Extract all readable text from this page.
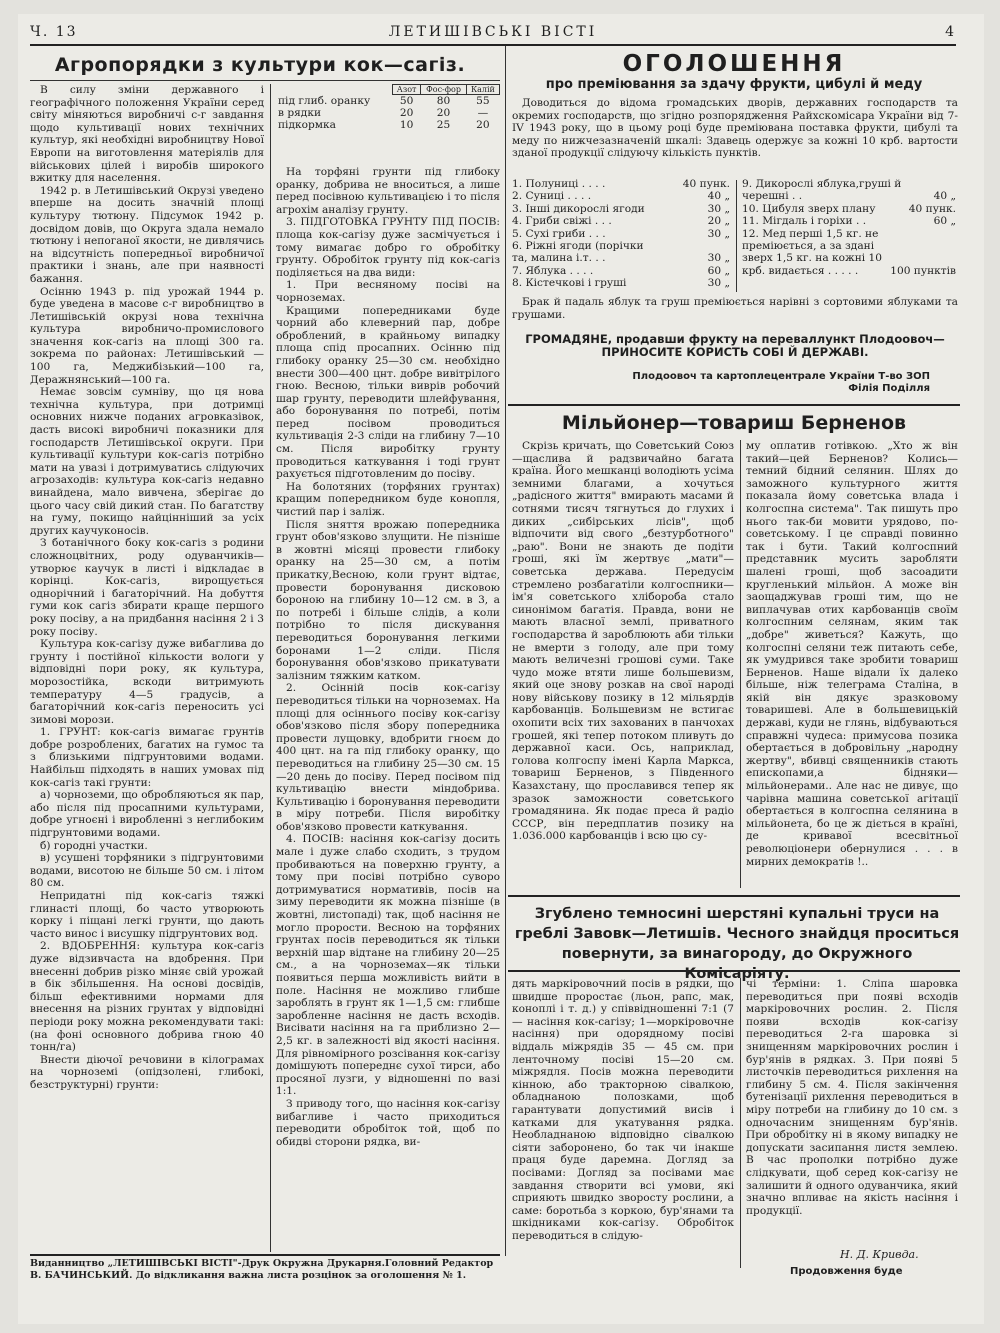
Ч. 13	ЛЕТИШІВСЬКІ ВІСТІ	4
Агропорядки з культури кок—сагіз.

В силу зміни державного і географічного положення України серед світу міняються виробничі с-г завдання щодо культивації нових технічних культур, які необхідні виробництву Нової Европи на виготовлення матеріялів для військових цілей і виробів широкого вжитку для населення.

1942 р. в Летишівський Окрузі уведено вперше на досить значній площі культуру тютюну. Підсумок 1942 р. досвідом довів, що Округа здала немало тютюну і непоганої якости, не дивлячись на відсутність попередньої виробничої практики і знань, але при наявності бажання.

Осінню 1943 р. під урожай 1944 р. буде уведена в масове с-г виробництво в Летишівській окрузі нова технічна культура виробничо-промислового значення кок-сагіз на площі 300 га. зокрема по районах: Летишівський — 100 га, Меджибізький—100 га, Деражнянський—100 га.

Немає зовсім сумніву, що ця нова технічна культура, при дотримці основних нижче поданих агровказівок, дасть високі виробничі показники для господарств Летишівської округи. При культивації культури кок-сагіз потрібно мати на увазі і дотримуватись слідуючих агрозаходів: культура кок-сагіз недавно винайдена, мало вивчена, зберігає до цього часу свій дикий стан. По багатству на гуму, покищо найцінніший за усіх других каучуконосів.

З ботанічного боку кок-сагіз з родини сложноцвітних, роду одуванчиків—утворює каучук в листі і відкладає в корінці. Кок-сагіз, вирощується однорічний і багаторічний. На добуття гуми кок сагіз збирати краще першого року посіву, а на придбання насіння 2 і 3 року посіву.

Культура кок-сагізу дуже вибаглива до грунту і постійної кількости вологи у відповідні пори року, як культура, морозостійка, вскоди витримують температуру 4—5 градусів, а багаторічний кок-сагіз переносить усі зимові морози.

1. ГРУНТ: кок-сагіз вимагає грунтів добре розроблених, багатих на гумос та з близькими підгрунтовими водами. Найбільш підходять в наших умовах під кок-сагіз такі грунти:

а) чорноземи, що обробляються як пар, або після під просапними культурами, добре угноєні і виробленні з неглибоким підгрунтовими водами.

б) городні участки.

в) усушені торфяники з підгрунтовими водами, висотою не більше 50 см. і літом 80 см.

Непридатні під кок-сагіз тяжкі глинасті площі, бо часто утворюють корку і піщані легкі грунти, що дають часто винос і висушку підгрунтових вод.

2. ВДОБРЕННЯ: культура кок-сагіз дуже відзивчаста на вдобрення. При внесенні добрив різко міняє свій урожай в бік збільшення. На основі досвідів, більш ефективними нормами для внесення на різних грунтах у відповідні періоди року можна рекомендувати такі: (на фоні основного добрива гною 40 тонн/га)

Внести діючої речовини в кілограмах на чорноземі (опідзолені, глибокі, безструктурні) грунти:

	Азот	Фос-фор	Калій
під глиб. оранку	50	80	55
в рядки	20	20	—
підкормка	10	25	20

На торфяні грунти під глибоку оранку, добрива не вноситься, а лише перед посівною культивацією і то після агрохім аналізу грунту.

3. ПІДГОТОВКА ГРУНТУ ПІД ПОСІВ: площа кок-сагізу дуже засмічується і тому вимагає добро го обробітку грунту. Обробіток грунту під кок-сагіз поділяється на два види:

1. При весняному посіві на чорноземах.

Кращими попередниками буде чорний або клеверний пар, добре оброблений, в крайньому випадку площа спід просапних. Осінню під глибоку оранку 25—30 см. необхідно внести 300—400 цнт. добре вивітрілого гною. Весною, тільки виврів робочий шар грунту, переводити шлейфування, або боронування по потребі, потім перед посівом проводиться культивація 2-3 сліди на глибину 7—10 см. Після виробітку грунту проводиться каткування і тоді грунт рахується підготовленим до посіву.

На болотяних (торфяних грунтах) кращим попередником буде конопля, чистий пар і заліж.

Після зняття врожаю попередника грунт обов'язково злущити. Не пізніше в жовтні місяці провести глибоку оранку на 25—30 см, а потім прикатку,Весною, коли грунт відтає, провести боронування дисковою бороною на глибину 10—12 см. в 3, а по потребі і більше слідів, а коли потрібно то після дискування переводиться боронування легкими боронами 1—2 сліди. Після боронування обов'язково прикатувати залізним тяжким катком.

2. Осінній посів кок-сагізу переводиться тільки на чорноземах. На площі для осіннього посіву кок-сагізу обов'язково після збору попередника провести лущовку, вдобрити гноєм до 400 цнт. на га під глибоку оранку, що переводиться на глибину 25—30 см. 15—20 день до посіву. Перед посівом під культивацію внести міндобрива. Культивацію і боронування переводити в міру потреби. Після виробітку обов'язково провести каткування.

4. ПОСІВ: насіння кок-сагізу досить мале і дуже слабо сходить, з трудом пробиваються на поверхню грунту, а тому при посіві потрібно суворо дотримуватися нормативів, посів на зиму переводити як можна пізніше (в жовтні, листопаді) так, щоб насіння не могло прорости. Весною на торфяних грунтах посів переводиться як тільки верхній шар відтане на глибину 20—25 см., а на чорноземах—як тільки появиться перша можливість вийти в поле. Насіння не можливо глибше зароблять в грунт як 1—1,5 см: глибше заробленне насіння не дасть всходів. Висівати насіння на га приблизно 2—2,5 кг. в залежності від якості насіння. Для рівномірного розсівання кок-сагізу домішують попереднє сухої тирси, або просяної лузги, у відношенні по вазі 1:1.

З приводу того, що насіння кок-сагізу вибагливе і часто приходиться переводити обробіток той, щоб по обидві сторони рядка, ви-

ОГОЛОШЕННЯ
про преміювання за здачу фрукти, цибулі й меду

Доводиться до відома громадських дворів, державних господарств та окремих господарств, що згідно розпорядження Райхскомісара України від 7-IV 1943 року, що в цьому році буде преміювана поставка фрукти, цибулі та меду по нижчезазначеній шкалі: Здавець одержує за кожні 10 крб. вартости зданої продукції слідуючу кількість пунктів.

1. Полуниці . . . .	40 пунк.
2. Суниці . . . .	40 „
3. Інші дикорослі ягоди	30 „
4. Гриби свіжі . . .	20 „
5. Сухі гриби . . .	30 „
6. Ріжні ягоди (порічки
та, малина і.т. . .	30 „
7. Яблука . . . .	60 „
8. Кістечкові і груші	30 „
9. Дикорослі яблука,груші й черешні . .	40 „
10. Цибуля зверх плану	40 пунк.
11. Мігдаль і горіхи . .	60 „
12. Мед перші 1,5 кг. не преміюється, а за здані зверх 1,5 кг. на кожні 10 крб. видається . . . . .	100 пунктів

Брак й падаль яблук та груш преміюється нарівні з сортовими яблуками та грушами.

ГРОМАДЯНЕ, продавши фрукту на переваллункт Плодоовоч—ПРИНОСИТЕ КОРИСТЬ СОБІ Й ДЕРЖАВІ.
Плодоовоч та картоплецентрале України Т-во ЗОП Філія Поділля
Мільйонер—товариш Берненов

Скрізь кричать, що Советський Союз—щаслива й радзвичайно багата країна. Його мешканці володіють усіма земними благами, а хочуться „радісного життя" вмирають масами й сотнями тисяч тягнуться до глухих і диких „сибірських лісів", щоб відпочити від свого „безтурботного" „раю". Вони не знають де подіти гроші, які їм жертвує „мати"—советська держава. Передусім стремлено розбагатіли колгоспники—ім'я советського хлібороба стало синонімом багатія. Правда, вони не мають власної землі, приватного господарства й зароблюють аби тільки не вмерти з голоду, але при тому мають величезні грошові суми. Таке чудо може втяти лише большевизм, який оце знову розкав на свої народі нову військову позику в 12 мільярдів карбованців. Большевизм не встигає охопити всіх тих захованих в панчохах грошей, які тепер потоком пливуть до державної каси. Ось, наприклад, голова колгоспу імені Карла Маркса, товариш Берненов, з Південного Казахстану, що прославився тепер як зразок заможности советського громадянина. Як подає преса й радіо СССР, він передплатив позику на 1.036.000 карбованців і всю цю су-

му оплатив готівкою. „Хто ж він такий—цей Берненов? Колись—темний бідний селянин. Шлях до заможного культурного життя показала йому советська влада і колгоспна система". Так пишуть про нього так-би мовити урядово, по-советському. І це справді повинно так і бути. Такий колгоспний представник мусить заробляти шалені гроші, щоб засоадити кругленький мільйон. А може він заощаджував гроші тим, що не виплачував отих карбованців своїм колгоспним селянам, яким так „добре" живеться? Кажуть, що колгоспні селяни теж питають себе, як умудрився таке зробити товариш Берненов. Наше відали їх далеко більше, ніж телеграма Сталіна, в якій він дякує зразковому товаришеві. Але в большевицькій державі, куди не глянь, відбуваються справжні чудеса: примусова позика обертається в добровільну „народну жертву", вбивці священників стають епископами,а бідняки—мільйонерами.. Але нас не дивує, що чарівна машина советської агітації обертається в колгоспна селянина в мільйонета, бо це ж діється в країні, де кривавої всесвітньої революціонери обернулися . . . в мирних демократів !..

Згублено темносині шерстяні купальні труси на греблі Завовк—Летишів. Чесного знайдця проситься повернути, за винагороду, до Окружного Комісаріяту.

дять маркіровочний посів в рядки, що швидше проростає (льон, рапс, мак, коноплі і т. д.) у співвідношенні 7:1 (7 — насіння кок-сагізу; 1—моркіровочне насіння) при одорядному посіві віддаль міжрядів 35 — 45 см. при ленточному посіві 15—20 см. міжрядля. Посів можна переводити кінною, або тракторною сівалкою, обладнаною полозками, щоб гарантувати допустимий висів і катками для укатування рядка. Необладнаною відповідно сівалкою сіяти заборонено, бо так чи інакше праця буде даремна. Догляд за посівами: Догляд за посівами має завдання створити всі умови, які сприяють швидко зворосту рослини, а саме: боротьба з коркою, бур'янами та шкідниками кок-сагізу. Обробіток переводиться в слідую-

чі терміни: 1. Сліпа шаровка переводиться при появі всходів маркіровочних рослин. 2. Після появи всходів кок-сагізу переводиться 2-га шаровка зі знищенням маркіровочних рослин і бур'янів в рядках. 3. При появі 5 листочків переводиться рихлення на глибину 5 см. 4. Після закінчення бутенізації рихлення переводиться в міру потреби на глибину до 10 см. з одночасним знищенням бур'янів. При обробітку ні в якому випадку не допускати засипання листя землею. В час прополки потрібно дуже слідкувати, щоб серед кок-сагізу не залишити й одного одуванчика, який значно впливає на якість насіння і продукції.

Н. Д. Кривда.
Продовження буде
Виданництво „ЛЕТИШІВСЬКІ ВІСТІ"-Друк Окружна Друкарня.Головний Редактор В. БАЧИНСЬКИЙ. До відкликання важна листа розцінок за оголошення № 1.
